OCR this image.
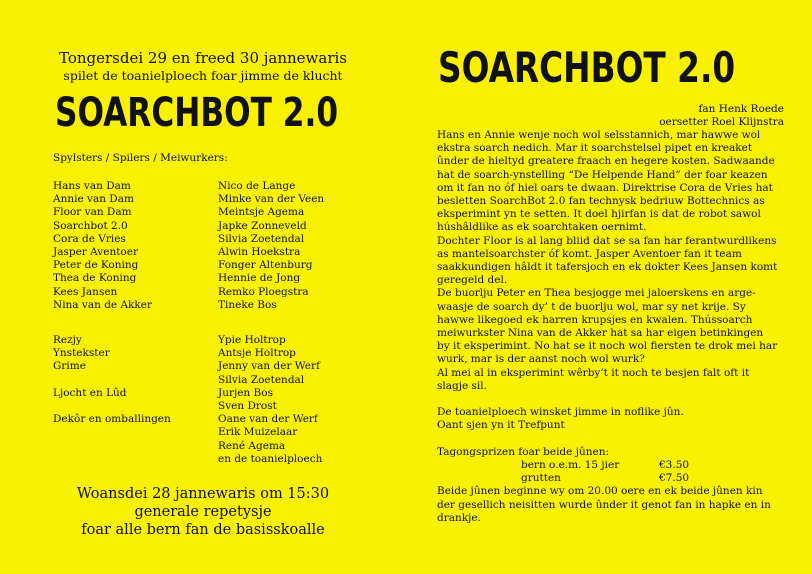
Tongersdei 29 en freed 30 jannewaris
spilet de toanielploech foar jimme de klucht
SOARCHBOT 2.0
Spylsters / Spilers / Meiwurkers:
Hans van Dam
Annie van Dam
Floor van Dam
Soarchbot 2.0
Cora de Vries
Jasper Aventoer
Peter de Koning
Thea de Koning
Kees Jansen
Nina van de Akker
Nico de Lange
Minke van der Veen
Meintsje Agema
Japke Zonneveld
Silvia Zoetendal
Alwin Hoekstra
Fonger Altenburg
Hennie de Jong
Remko Ploegstra
Tineke Bos
Rezjy
Ynstekster
Grime
Ljocht en Lûd
Dekôr en omballingen
Ypie Holtrop
Antsje Holtrop
Jenny van der Werf
Silvia Zoetendal
Jurjen Bos
Sven Drost
Oane van der Werf
Erik Muizelaar
René Agema
en de toanielploech
Woansdei 28 jannewaris om 15:30
generale repetysje
foar alle bern fan de basisskoalle
SOARCHBOT 2.0
fan Henk Roede
oersetter Roel Klijnstra

Hans en Annie wenje noch wol selsstannich, mar hawwe wol

ekstra soarch nedich. Mar it soarchstelsel pipet en kreaket

ûnder de hieltyd greatere fraach en hegere kosten. Sadwaande

hat de soarch-ynstelling “De Helpende Hand” der foar keazen

om it fan no óf hiel oars te dwaan. Direktrise Cora de Vries hat

besletten SoarchBot 2.0 fan technysk bedriuw Bottechnics as

eksperimint yn te setten. It doel hjirfan is dat de robot sawol

húshâldlike as ek soarchtaken oernimt.

Dochter Floor is al lang bliid dat se sa fan har ferantwurdlikens

as mantelsoarchster óf komt. Jasper Aventoer fan it team

saakkundigen hâldt it tafersjoch en ek dokter Kees Jansen komt

geregeld del.

De buorlju Peter en Thea besjogge mei jaloerskens en arge-

waasje de soarch dy’ t de buorlju wol, mar sy net krije. Sy

hawwe likegoed ek harren krupsjes en kwalen. Thússoarch

meiwurkster Nina van de Akker hat sa har eigen betinkingen

by it eksperimint. No hat se it noch wol fiersten te drok mei har

wurk, mar is der aanst noch wol wurk?

Al mei al in eksperimint wêrby’t it noch te besjen falt oft it

slagje sil.

De toanielploech winsket jimme in noflike jûn.

Oant sjen yn it Trefpunt

Tagongsprizen foar beide jûnen:

bern o.e.m. 15 jier	€3.50

grutten	€7.50

Beide jûnen beginne wy om 20.00 oere en ek beide jûnen kin

der gesellich neisitten wurde ûnder it genot fan in hapke en in

drankje.
